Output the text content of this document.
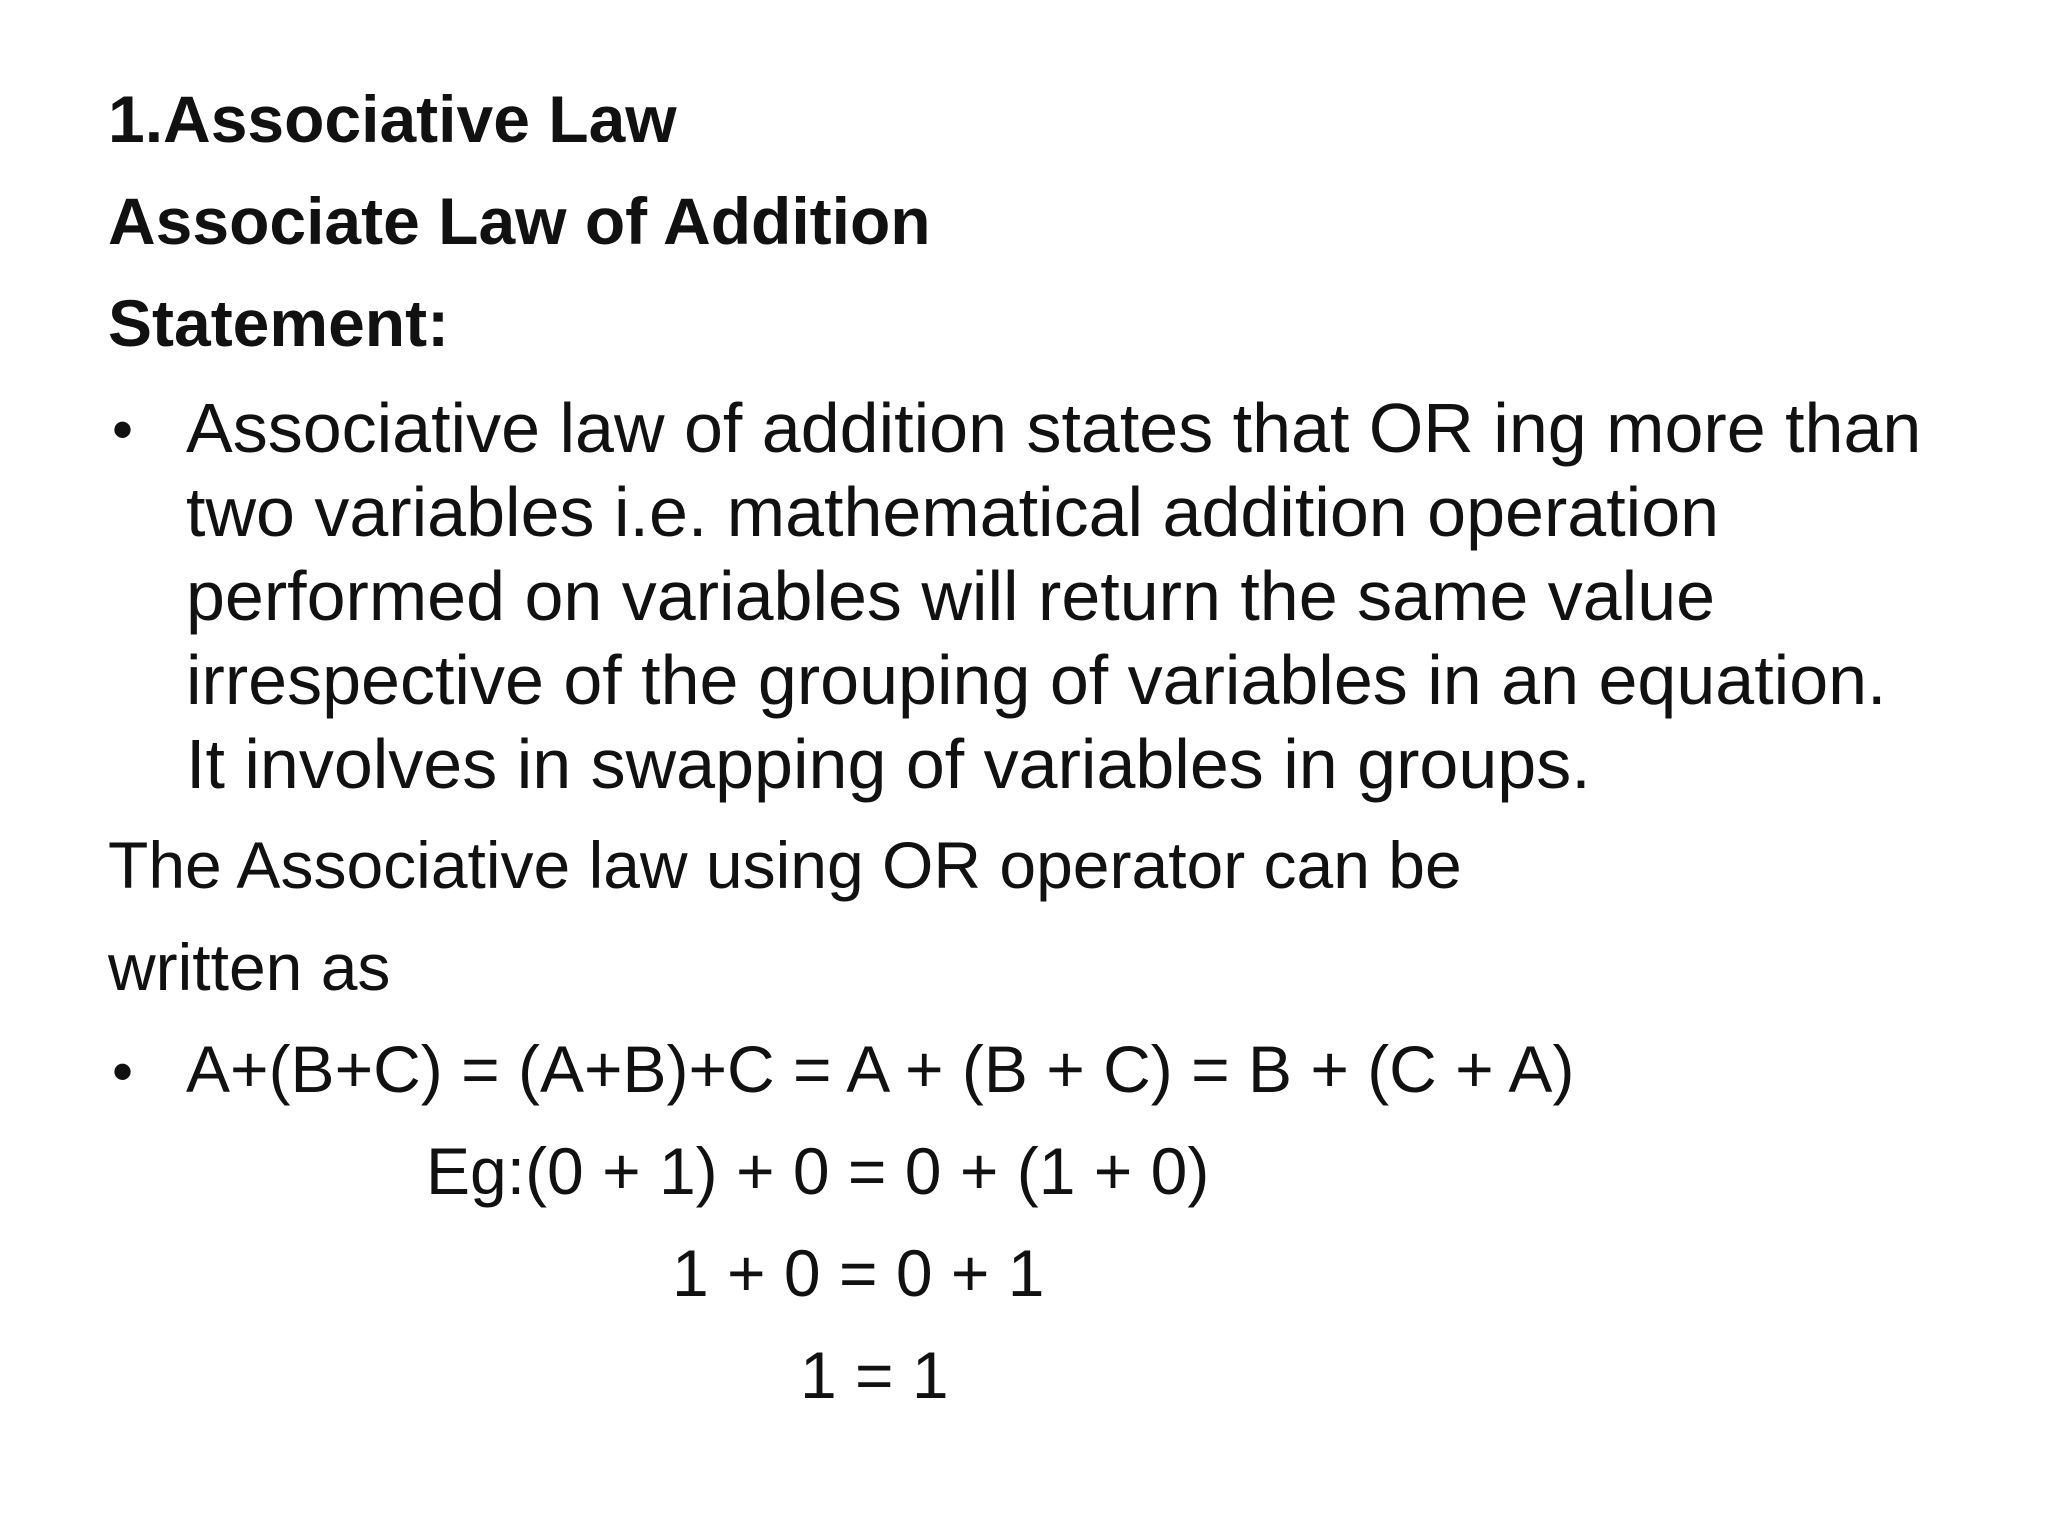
1.Associative Law
Associate Law of Addition
Statement:
• Associative law of addition states that OR ing more than
two variables i.e. mathematical addition operation
performed on variables will return the same value
irrespective of the grouping of variables in an equation.
It involves in swapping of variables in groups.
The Associative law using OR operator can be
written as
• A+(B+C) = (A+B)+C = A + (B + C) = B + (C + A)
Eg:(0 + 1) + 0 = 0 + (1 + 0)
1 + 0 = 0 + 1
1 = 1
